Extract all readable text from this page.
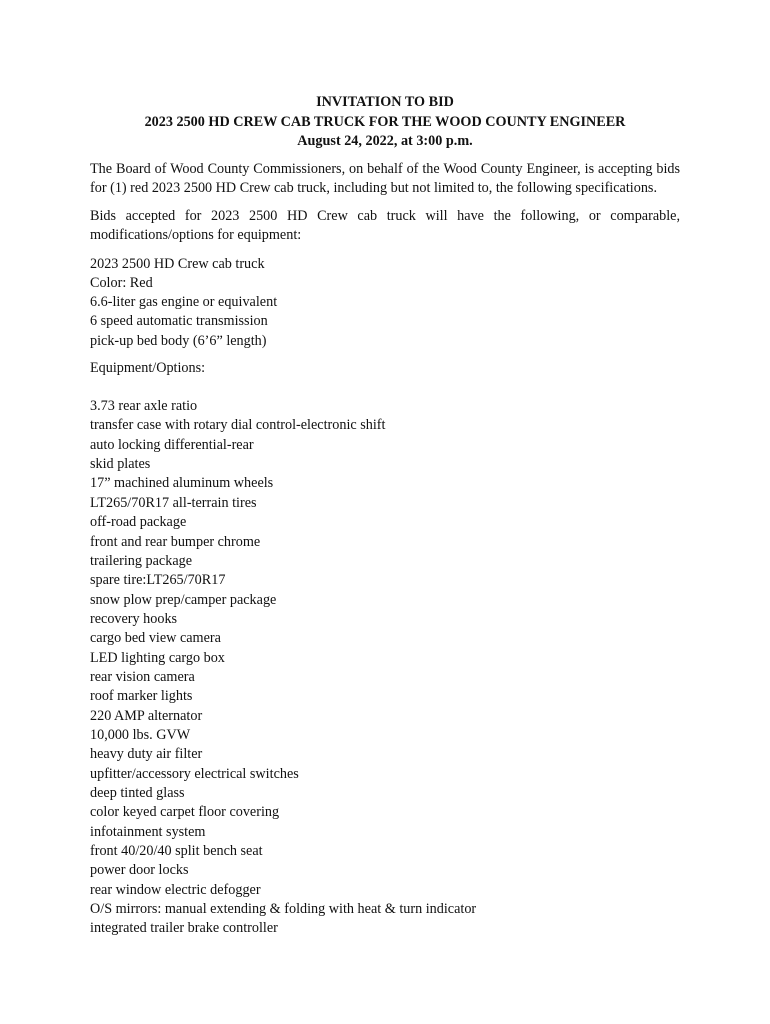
INVITATION TO BID
2023 2500 HD CREW CAB TRUCK FOR THE WOOD COUNTY ENGINEER
August 24, 2022, at 3:00 p.m.
The Board of Wood County Commissioners, on behalf of the Wood County Engineer, is accepting bids for (1) red 2023 2500 HD Crew cab truck, including but not limited to, the following specifications.
Bids accepted for 2023 2500 HD Crew cab truck will have the following, or comparable, modifications/options for equipment:
2023 2500 HD Crew cab truck
Color: Red
6.6-liter gas engine or equivalent
6 speed automatic transmission
pick-up bed body (6’6” length)
Equipment/Options:
3.73 rear axle ratio
transfer case with rotary dial control-electronic shift
auto locking differential-rear
skid plates
17” machined aluminum wheels
LT265/70R17 all-terrain tires
off-road package
front and rear bumper chrome
trailering package
spare tire:LT265/70R17
snow plow prep/camper package
recovery hooks
cargo bed view camera
LED lighting cargo box
rear vision camera
roof marker lights
220 AMP alternator
10,000 lbs. GVW
heavy duty air filter
upfitter/accessory electrical switches
deep tinted glass
color keyed carpet floor covering
infotainment system
front 40/20/40 split bench seat
power door locks
rear window electric defogger
O/S mirrors: manual extending & folding with heat & turn indicator
integrated trailer brake controller
